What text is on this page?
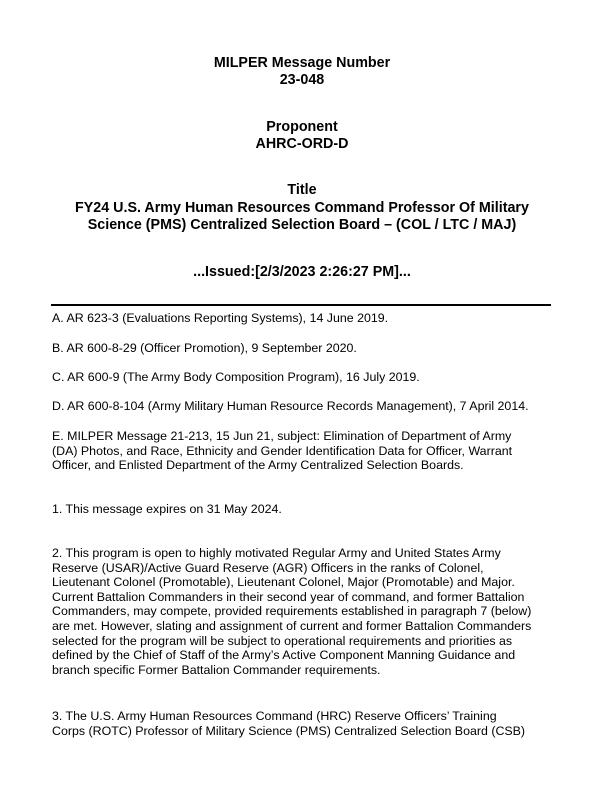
MILPER Message Number
23-048
Proponent
AHRC-ORD-D
Title
FY24 U.S. Army Human Resources Command Professor Of Military
Science (PMS) Centralized Selection Board – (COL / LTC / MAJ)
...Issued:[2/3/2023 2:26:27 PM]...
A. AR 623-3 (Evaluations Reporting Systems), 14 June 2019.
B. AR 600-8-29 (Officer Promotion), 9 September 2020.
C. AR 600-9 (The Army Body Composition Program), 16 July 2019.
D. AR 600-8-104 (Army Military Human Resource Records Management), 7 April 2014.
E. MILPER Message 21-213, 15 Jun 21, subject: Elimination of Department of Army
(DA) Photos, and Race, Ethnicity and Gender Identification Data for Officer, Warrant
Officer, and Enlisted Department of the Army Centralized Selection Boards.
1. This message expires on 31 May 2024.
2. This program is open to highly motivated Regular Army and United States Army
Reserve (USAR)/Active Guard Reserve (AGR) Officers in the ranks of Colonel,
Lieutenant Colonel (Promotable), Lieutenant Colonel, Major (Promotable) and Major.
Current Battalion Commanders in their second year of command, and former Battalion
Commanders, may compete, provided requirements established in paragraph 7 (below)
are met. However, slating and assignment of current and former Battalion Commanders
selected for the program will be subject to operational requirements and priorities as
defined by the Chief of Staff of the Army’s Active Component Manning Guidance and
branch specific Former Battalion Commander requirements.
3. The U.S. Army Human Resources Command (HRC) Reserve Officers’ Training
Corps (ROTC) Professor of Military Science (PMS) Centralized Selection Board (CSB)
